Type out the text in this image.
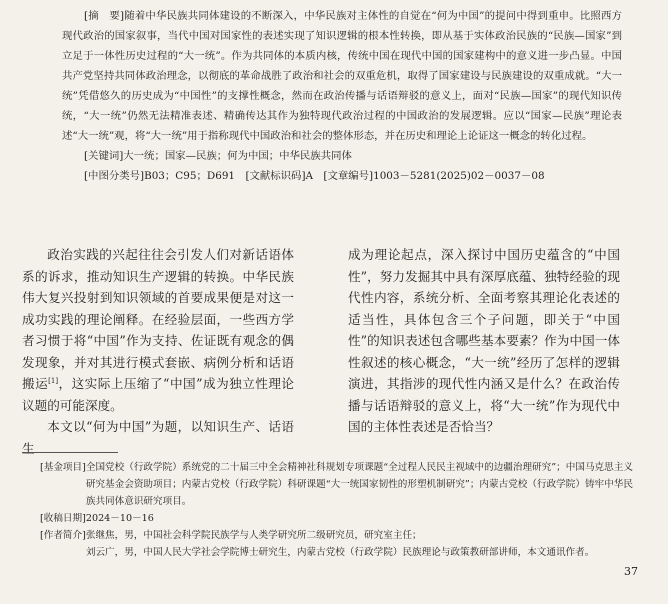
[摘　要]随着中华民族共同体建设的不断深入，中华民族对主体性的自觉在“何为中国”的提问中得到重申。比照西方现代政治的国家叙事，当代中国对国家性的表述实现了知识逻辑的根本性转换，即从基于实体政治民族的“民族—国家”到立足于一体性历史过程的“大一统”。作为共同体的本质内核，传统中国在现代中国的国家建构中的意义进一步凸显。中国共产党坚持共同体政治理念，以彻底的革命战胜了政治和社会的双重危机，取得了国家建设与民族建设的双重成就。“大一统”凭借悠久的历史成为“中国性”的支撑性概念，然而在政治传播与话语辩驳的意义上，面对“民族—国家”的现代知识传统，“大一统”仍然无法精准表述、精确传达其作为独特现代政治过程的中国政治的发展逻辑。应以“国家—民族”理论表述“大一统”观，将“大一统”用于指称现代中国政治和社会的整体形态，并在历史和理论上论证这一概念的转化过程。

[关键词]大一统；国家—民族；何为中国；中华民族共同体

[中图分类号]B03；C95；D691　 [文献标识码]A　 [文章编号]1003－5281(2025)02－0037－08

政治实践的兴起往往会引发人们对新话语体系的诉求，推动知识生产逻辑的转换。中华民族伟大复兴投射到知识领域的首要成果便是对这一成功实践的理论阐释。在经验层面，一些西方学者习惯于将“中国”作为支持、佐证既有观念的偶发现象，并对其进行模式套嵌、病例分析和话语搬运[1]，这实际上压缩了“中国”成为独立性理论议题的可能深度。

本文以“何为中国”为题，以知识生产、话语生

成为理论起点，深入探讨中国历史蕴含的“中国性”，努力发掘其中具有深厚底蕴、独特经验的现代性内容，系统分析、全面考察其理论化表述的适当性，具体包含三个子问题，即关于“中国性”的知识表述包含哪些基本要素？作为中国一体性叙述的核心概念，“大一统”经历了怎样的逻辑演进，其指涉的现代性内涵又是什么？在政治传播与话语辩驳的意义上，将“大一统”作为现代中国的主体性表述是否恰当？

[基金项目] 全国党校（行政学院）系统党的二十届三中全会精神社科规划专项课题“全过程人民民主视域中的边疆治理研究”；中国马克思主义研究基金会资助项目；内蒙古党校（行政学院）科研课题“大一统国家韧性的形塑机制研究”；内蒙古党校（行政学院）铸牢中华民族共同体意识研究项目。
[收稿日期] 2024－10－16
[作者简介] 张继焦，男，中国社会科学院民族学与人类学研究所二级研究员，研究室主任；
刘云广，男，中国人民大学社会学院博士研究生，内蒙古党校（行政学院）民族理论与政策教研部讲师，本文通讯作者。
37
